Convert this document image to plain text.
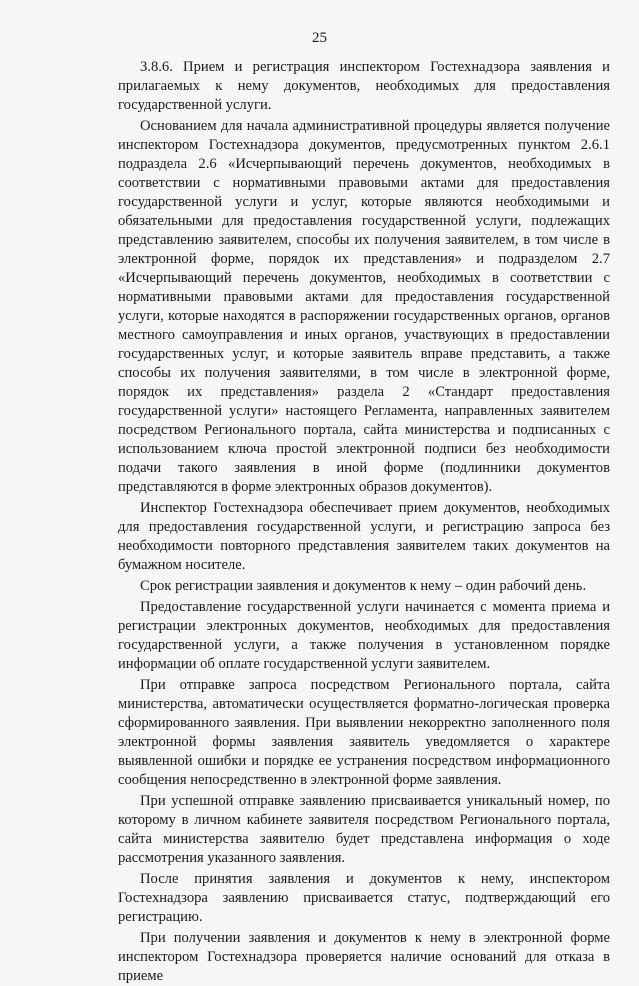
25

3.8.6. Прием и регистрация инспектором Гостехнадзора заявления и прилагаемых к нему документов, необходимых для предоставления государственной услуги.

Основанием для начала административной процедуры является получение инспектором Гостехнадзора документов, предусмотренных пунктом 2.6.1 подраздела 2.6 «Исчерпывающий перечень документов, необходимых в соответствии с нормативными правовыми актами для предоставления государственной услуги и услуг, которые являются необходимыми и обязательными для предоставления государственной услуги, подлежащих представлению заявителем, способы их получения заявителем, в том числе в электронной форме, порядок их представления» и подразделом 2.7 «Исчерпывающий перечень документов, необходимых в соответствии с нормативными правовыми актами для предоставления государственной услуги, которые находятся в распоряжении государственных органов, органов местного самоуправления и иных органов, участвующих в предоставлении государственных услуг, и которые заявитель вправе представить, а также способы их получения заявителями, в том числе в электронной форме, порядок их представления» раздела 2 «Стандарт предоставления государственной услуги» настоящего Регламента, направленных заявителем посредством Регионального портала, сайта министерства и подписанных с использованием ключа простой электронной подписи без необходимости подачи такого заявления в иной форме (подлинники документов представляются в форме электронных образов документов).

Инспектор Гостехнадзора обеспечивает прием документов, необходимых для предоставления государственной услуги, и регистрацию запроса без необходимости повторного представления заявителем таких документов на бумажном носителе.

Срок регистрации заявления и документов к нему – один рабочий день.

Предоставление государственной услуги начинается с момента приема и регистрации электронных документов, необходимых для предоставления государственной услуги, а также получения в установленном порядке информации об оплате государственной услуги заявителем.

При отправке запроса посредством Регионального портала, сайта министерства, автоматически осуществляется форматно-логическая проверка сформированного заявления. При выявлении некорректно заполненного поля электронной формы заявления заявитель уведомляется о характере выявленной ошибки и порядке ее устранения посредством информационного сообщения непосредственно в электронной форме заявления.

При успешной отправке заявлению присваивается уникальный номер, по которому в личном кабинете заявителя посредством Регионального портала, сайта министерства заявителю будет представлена информация о ходе рассмотрения указанного заявления.

После принятия заявления и документов к нему, инспектором Гостехнадзора заявлению присваивается статус, подтверждающий его регистрацию.

При получении заявления и документов к нему в электронной форме инспектором Гостехнадзора проверяется наличие оснований для отказа в приеме
